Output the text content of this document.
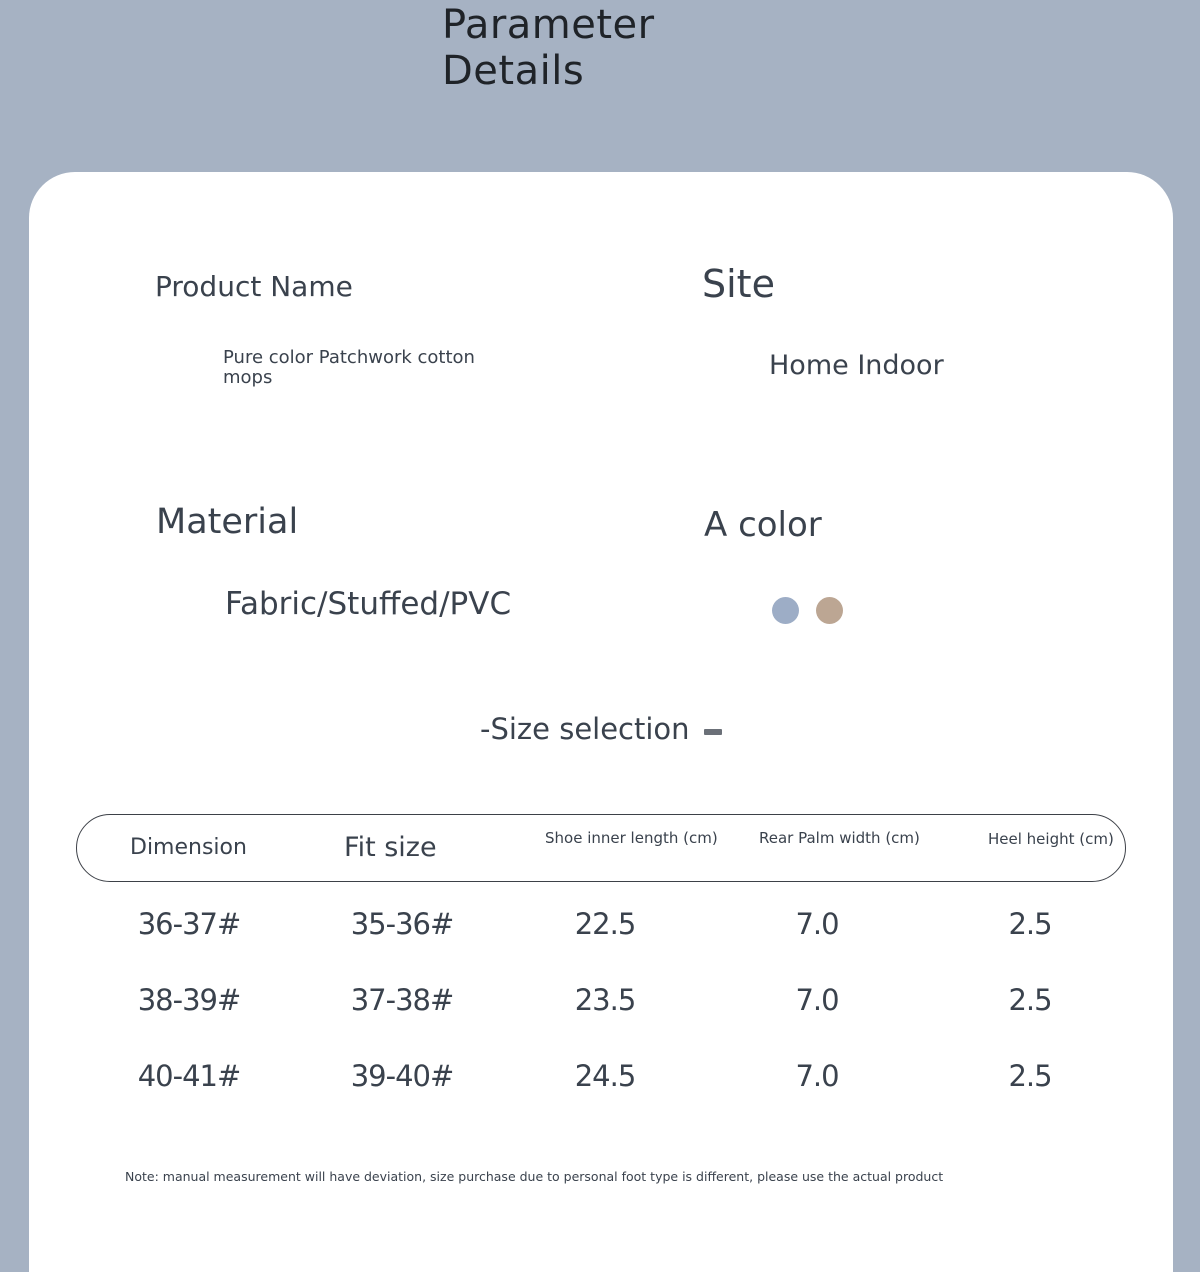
Parameter Details
Product Name
Pure color Patchwork cotton mops
Site
Home Indoor
Material
Fabric/Stuffed/PVC
A color
-Size selection
Dimension	Fit size	Shoe inner length (cm)	Rear Palm width (cm)	Heel height (cm)
36-37#	35-36#	22.5	7.0	2.5
38-39#	37-38#	23.5	7.0	2.5
40-41#	39-40#	24.5	7.0	2.5
Note: manual measurement will have deviation, size purchase due to personal foot type is different, please use the actual product
